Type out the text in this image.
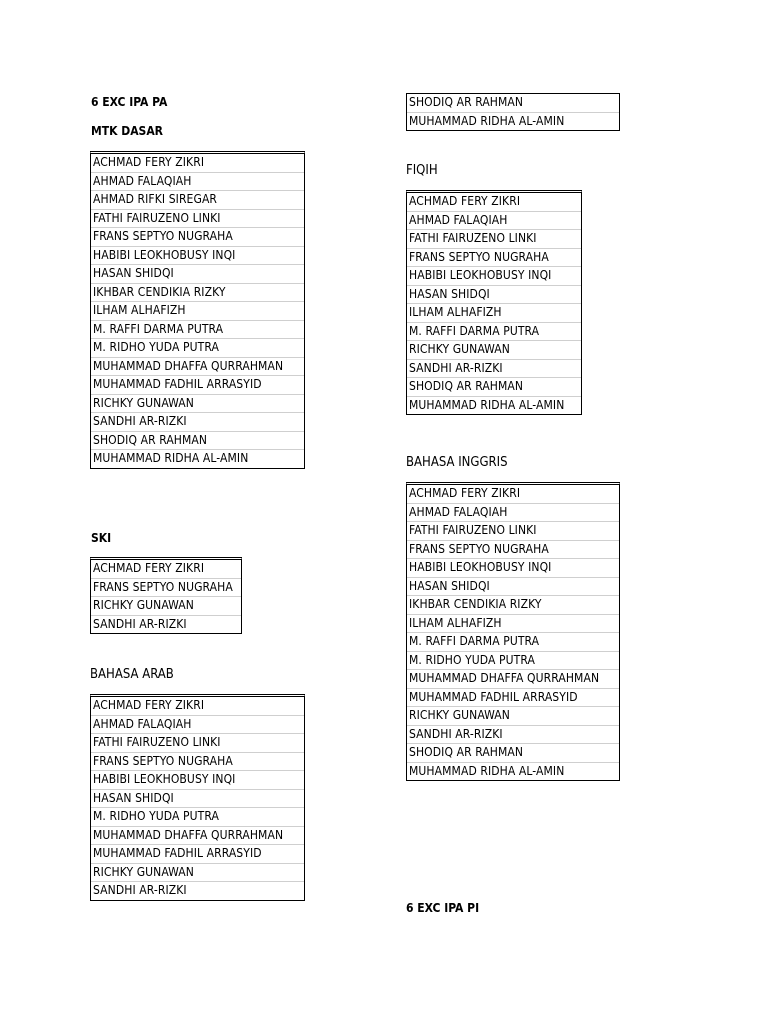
6 EXC IPA PA
MTK DASAR
ACHMAD FERY ZIKRI
AHMAD FALAQIAH
AHMAD RIFKI SIREGAR
FATHI FAIRUZENO LINKI
FRANS SEPTYO NUGRAHA
HABIBI LEOKHOBUSY INQI
HASAN SHIDQI
IKHBAR CENDIKIA RIZKY
ILHAM ALHAFIZH
M. RAFFI DARMA PUTRA
M. RIDHO YUDA PUTRA
MUHAMMAD DHAFFA QURRAHMAN
MUHAMMAD FADHIL ARRASYID
RICHKY GUNAWAN
SANDHI AR-RIZKI
SHODIQ AR RAHMAN
MUHAMMAD RIDHA AL-AMIN
SKI
ACHMAD FERY ZIKRI
FRANS SEPTYO NUGRAHA
RICHKY GUNAWAN
SANDHI AR-RIZKI
BAHASA ARAB
ACHMAD FERY ZIKRI
AHMAD FALAQIAH
FATHI FAIRUZENO LINKI
FRANS SEPTYO NUGRAHA
HABIBI LEOKHOBUSY INQI
HASAN SHIDQI
M. RIDHO YUDA PUTRA
MUHAMMAD DHAFFA QURRAHMAN
MUHAMMAD FADHIL ARRASYID
RICHKY GUNAWAN
SANDHI AR-RIZKI
SHODIQ AR RAHMAN
MUHAMMAD RIDHA AL-AMIN
FIQIH
ACHMAD FERY ZIKRI
AHMAD FALAQIAH
FATHI FAIRUZENO LINKI
FRANS SEPTYO NUGRAHA
HABIBI LEOKHOBUSY INQI
HASAN SHIDQI
ILHAM ALHAFIZH
M. RAFFI DARMA PUTRA
RICHKY GUNAWAN
SANDHI AR-RIZKI
SHODIQ AR RAHMAN
MUHAMMAD RIDHA AL-AMIN
BAHASA INGGRIS
ACHMAD FERY ZIKRI
AHMAD FALAQIAH
FATHI FAIRUZENO LINKI
FRANS SEPTYO NUGRAHA
HABIBI LEOKHOBUSY INQI
HASAN SHIDQI
IKHBAR CENDIKIA RIZKY
ILHAM ALHAFIZH
M. RAFFI DARMA PUTRA
M. RIDHO YUDA PUTRA
MUHAMMAD DHAFFA QURRAHMAN
MUHAMMAD FADHIL ARRASYID
RICHKY GUNAWAN
SANDHI AR-RIZKI
SHODIQ AR RAHMAN
MUHAMMAD RIDHA AL-AMIN
6 EXC IPA PI
